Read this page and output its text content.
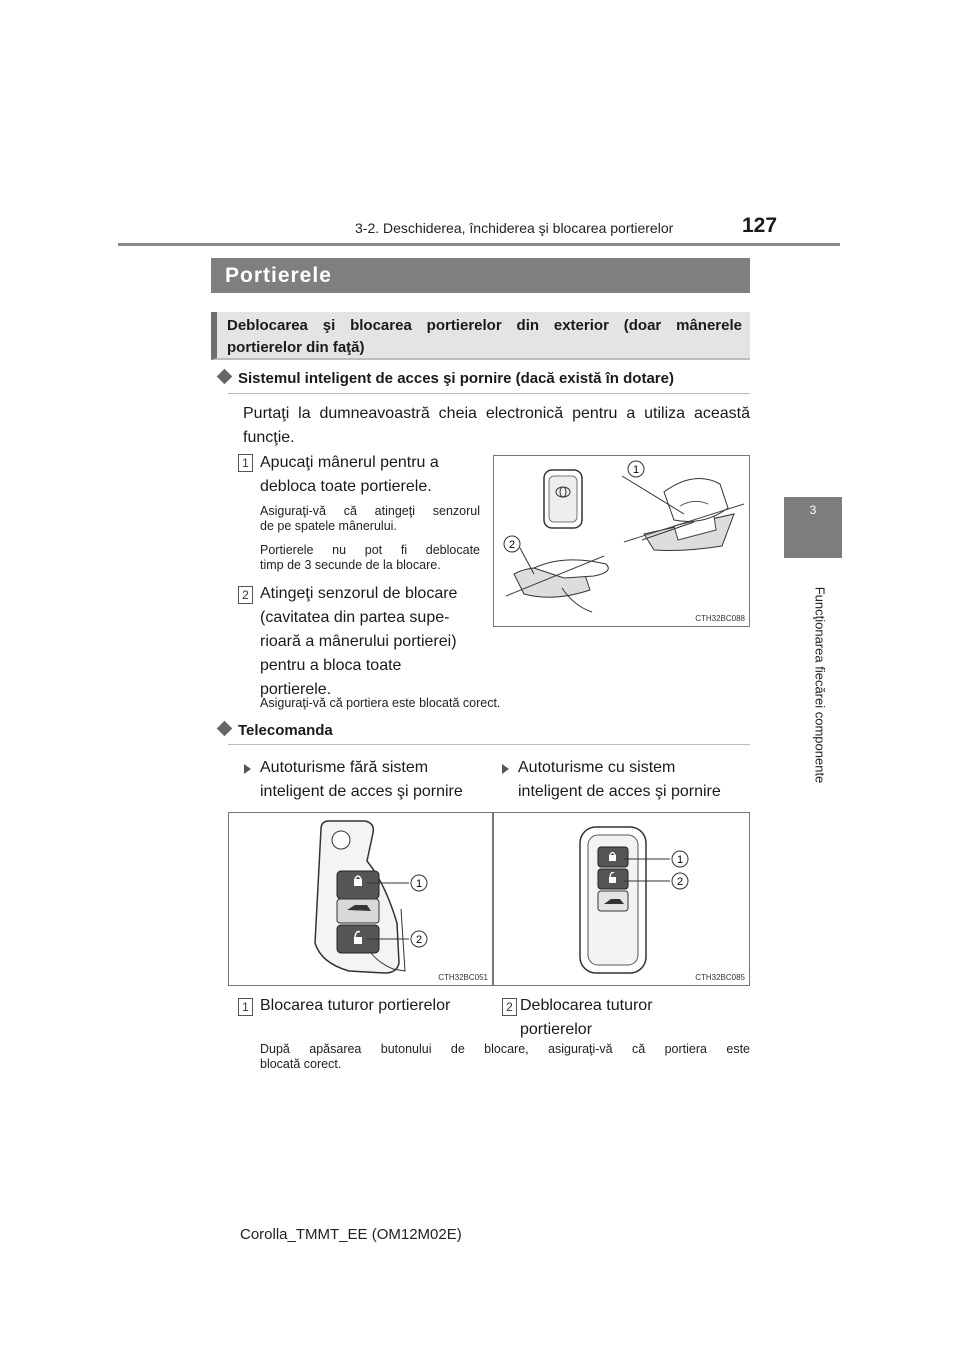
3-2. Deschiderea, închiderea şi blocarea portierelor	127
3
Funcţionarea fiecărei componente
Portierele
Deblocarea şi blocarea portierelor din exterior (doar mânerele
portierelor din faţă)
Sistemul inteligent de acces şi pornire (dacă există în dotare)
Purtaţi la dumneavoastră cheia electronică pentru a utiliza această
funcţie.
1 Apucaţi mânerul pentru a
debloca toate portierele.
Asiguraţi-vă că atingeţi senzorul
de pe spatele mânerului.
Portierele nu pot fi deblocate
timp de 3 secunde de la blocare.
2 Atingeţi senzorul de blocare
(cavitatea din partea supe-
rioară a mânerului portierei)
pentru a bloca toate
portierele.
Asiguraţi-vă că portiera este blocată corect.
1
2
CTH32BC088
Telecomanda
Autoturisme fără sistem
inteligent de acces şi pornire
Autoturisme cu sistem
inteligent de acces şi pornire
1
2
CTH32BC051
1
2
CTH32BC085
1 Blocarea tuturor portierelor	2 Deblocarea tuturor
portierelor
După apăsarea butonului de blocare, asiguraţi-vă că portiera este
blocată corect.
Corolla_TMMT_EE (OM12M02E)
